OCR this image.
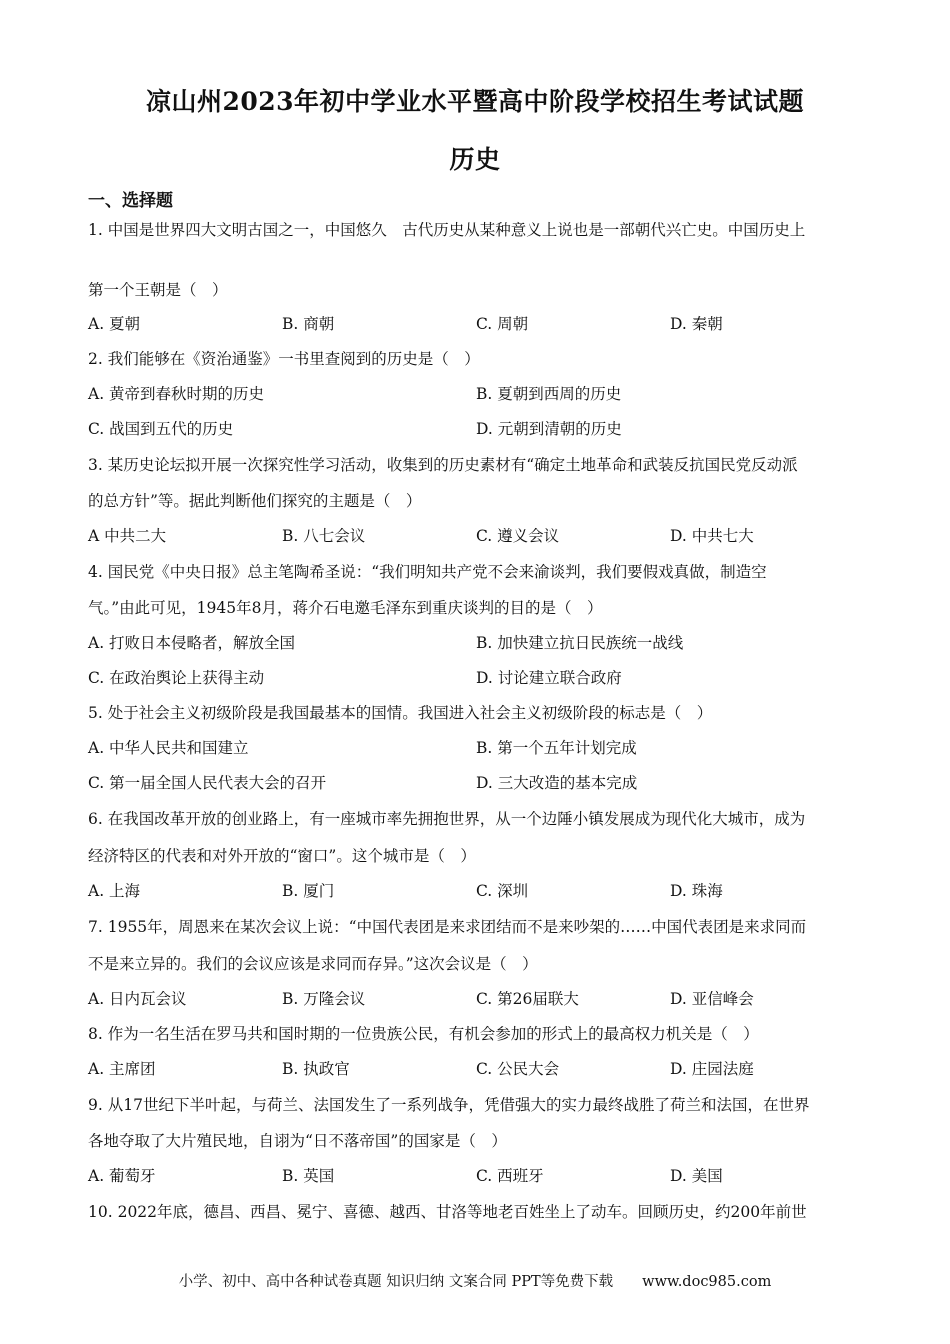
凉山州2023年初中学业水平暨高中阶段学校招生考试试题
历史
一、选择题
1. 中国是世界四大文明古国之一，中国悠久　古代历史从某种意义上说也是一部朝代兴亡史。中国历史上
第一个王朝是（　）
A. 夏朝	B. 商朝	C. 周朝	D. 秦朝
2. 我们能够在《资治通鉴》一书里查阅到的历史是（　）
A. 黄帝到春秋时期的历史	B. 夏朝到西周的历史
C. 战国到五代的历史	D. 元朝到清朝的历史
3. 某历史论坛拟开展一次探究性学习活动，收集到的历史素材有“确定土地革命和武装反抗国民党反动派
的总方针”等。据此判断他们探究的主题是（　）
A 中共二大	B. 八七会议	C. 遵义会议	D. 中共七大
4. 国民党《中央日报》总主笔陶希圣说：“我们明知共产党不会来渝谈判，我们要假戏真做，制造空
气。”由此可见，1945年8月，蒋介石电邀毛泽东到重庆谈判的目的是（　）
A. 打败日本侵略者，解放全国	B. 加快建立抗日民族统一战线
C. 在政治舆论上获得主动	D. 讨论建立联合政府
5. 处于社会主义初级阶段是我国最基本的国情。我国进入社会主义初级阶段的标志是（　）
A. 中华人民共和国建立	B. 第一个五年计划完成
C. 第一届全国人民代表大会的召开	D. 三大改造的基本完成
6. 在我国改革开放的创业路上，有一座城市率先拥抱世界，从一个边陲小镇发展成为现代化大城市，成为
经济特区的代表和对外开放的“窗口”。这个城市是（　）
A. 上海	B. 厦门	C. 深圳	D. 珠海
7. 1955年，周恩来在某次会议上说：“中国代表团是来求团结而不是来吵架的……中国代表团是来求同而
不是来立异的。我们的会议应该是求同而存异。”这次会议是（　）
A. 日内瓦会议	B. 万隆会议	C. 第26届联大	D. 亚信峰会
8. 作为一名生活在罗马共和国时期的一位贵族公民，有机会参加的形式上的最高权力机关是（　）
A. 主席团	B. 执政官	C. 公民大会	D. 庄园法庭
9. 从17世纪下半叶起，与荷兰、法国发生了一系列战争，凭借强大的实力最终战胜了荷兰和法国，在世界
各地夺取了大片殖民地，自诩为“日不落帝国”的国家是（　）
A. 葡萄牙	B. 英国	C. 西班牙	D. 美国
10. 2022年底，德昌、西昌、冕宁、喜德、越西、甘洛等地老百姓坐上了动车。回顾历史，约200年前世
小学、初中、高中各种试卷真题 知识归纳 文案合同 PPT等免费下载　　www.doc985.com
